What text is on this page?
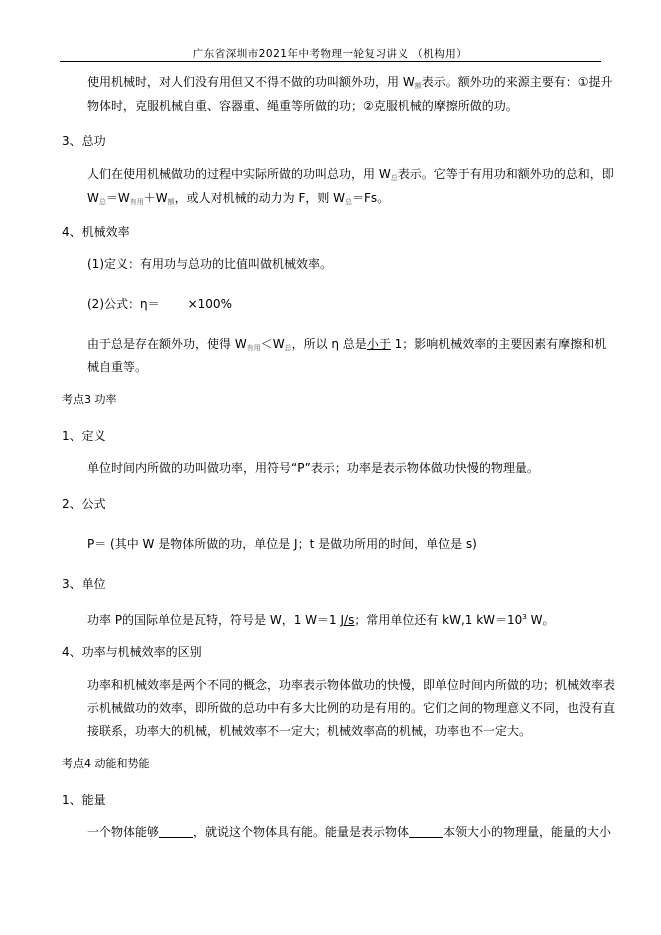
广东省深圳市2021年中考物理一轮复习讲义 （机构用）
使用机械时，对人们没有用但又不得不做的功叫额外功，用 $W_额$表示。额外功的来源主要有：①提升
物体时，克服机械自重、容器重、绳重等所做的功；②克服机械的摩擦所做的功。
3、总功
人们在使用机械做功的过程中实际所做的功叫总功，用 $W_总$表示。它等于有用功和额外功的总和，即
$W_总=W_{有用}+W_额$，或人对机械的动力为 F，则 $W_总=Fs$。
4、机械效率
(1)定义：有用功与总功的比值叫做机械效率。
(2)公式：η＝ ×100%
由于总是存在额外功，使得 $W_{有用}<W_总$，所以 η 总是小于 1；影响机械效率的主要因素有摩擦和机
械自重等。
考点3 功率
1、定义
单位时间内所做的功叫做功率，用符号“P”表示；功率是表示物体做功快慢的物理量。
2、公式
P＝ (其中 W 是物体所做的功，单位是 J；t 是做功所用的时间，单位是 s)
3、单位
功率 P的国际单位是瓦特，符号是 W，1 W＝1 J/s；常用单位还有 kW,1 $kW=10^3$ W。
4、功率与机械效率的区别
功率和机械效率是两个不同的概念，功率表示物体做功的快慢，即单位时间内所做的功；机械效率表
示机械做功的效率，即所做的总功中有多大比例的功是有用的。它们之间的物理意义不同，也没有直
接联系，功率大的机械，机械效率不一定大；机械效率高的机械，功率也不一定大。
考点4 动能和势能
1、能量
一个物体能够	，就说这个物体具有能。能量是表示物体	本领大小的物理量，能量的大小
